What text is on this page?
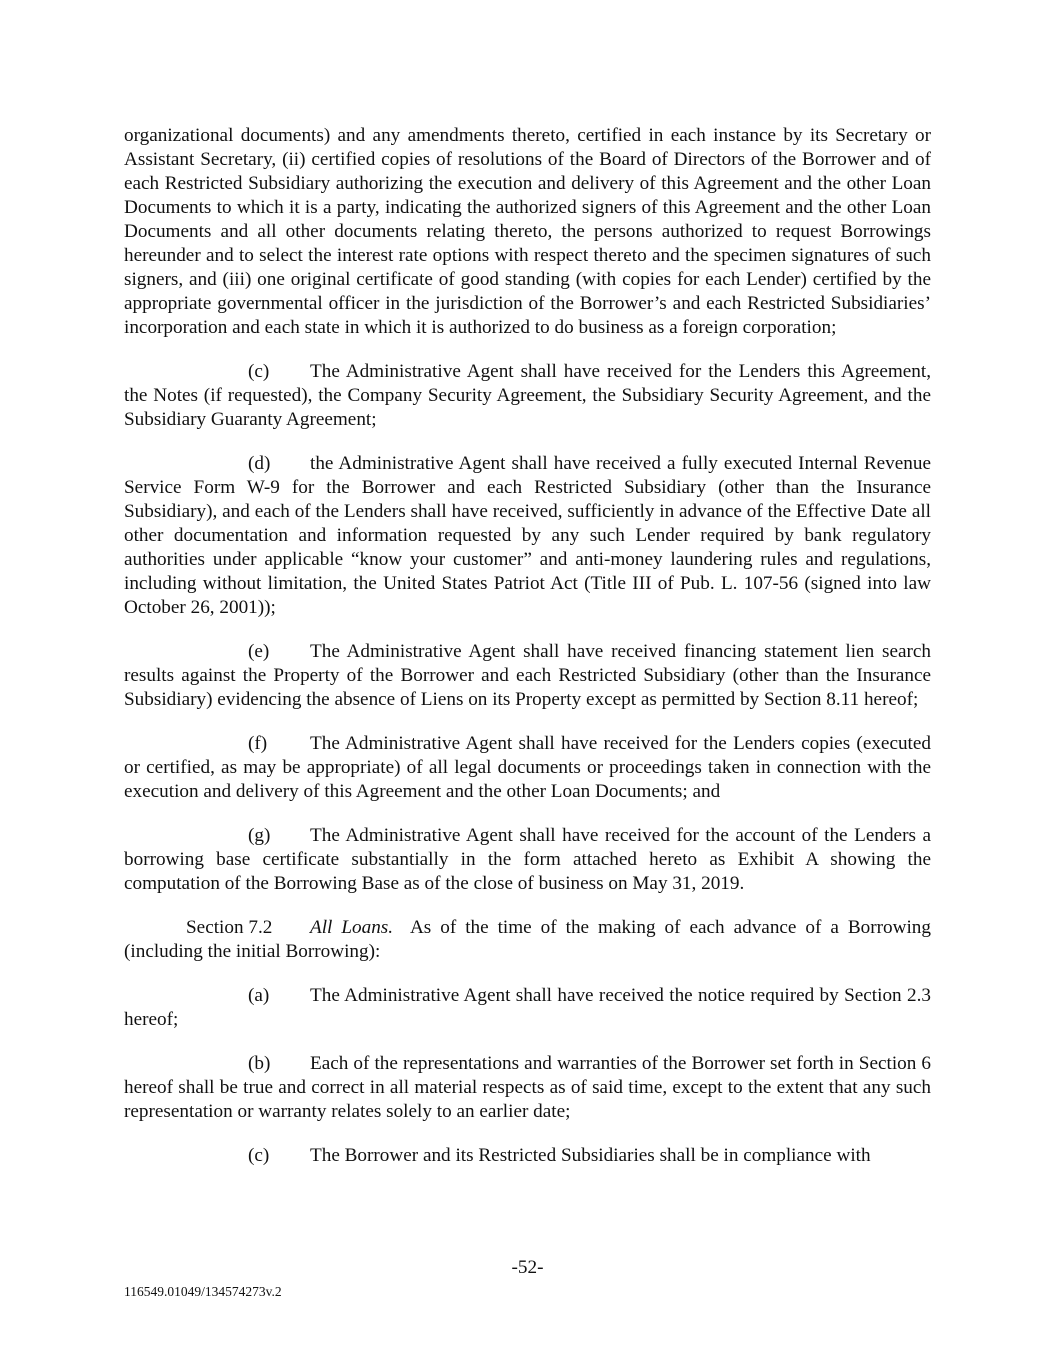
organizational documents) and any amendments thereto, certified in each instance by its Secretary or Assistant Secretary, (ii) certified copies of resolutions of the Board of Directors of the Borrower and of each Restricted Subsidiary authorizing the execution and delivery of this Agreement and the other Loan Documents to which it is a party, indicating the authorized signers of this Agreement and the other Loan Documents and all other documents relating thereto, the persons authorized to request Borrowings hereunder and to select the interest rate options with respect thereto and the specimen signatures of such signers, and (iii) one original certificate of good standing (with copies for each Lender) certified by the appropriate governmental officer in the jurisdiction of the Borrower’s and each Restricted Subsidiaries’ incorporation and each state in which it is authorized to do business as a foreign corporation;

(c) The Administrative Agent shall have received for the Lenders this Agreement, the Notes (if requested), the Company Security Agreement, the Subsidiary Security Agreement, and the Subsidiary Guaranty Agreement;

(d) the Administrative Agent shall have received a fully executed Internal Revenue Service Form W-9 for the Borrower and each Restricted Subsidiary (other than the Insurance Subsidiary), and each of the Lenders shall have received, sufficiently in advance of the Effective Date all other documentation and information requested by any such Lender required by bank regulatory authorities under applicable “know your customer” and anti-money laundering rules and regulations, including without limitation, the United States Patriot Act (Title III of Pub. L. 107-56 (signed into law October 26, 2001));

(e) The Administrative Agent shall have received financing statement lien search results against the Property of the Borrower and each Restricted Subsidiary (other than the Insurance Subsidiary) evidencing the absence of Liens on its Property except as permitted by Section 8.11 hereof;

(f) The Administrative Agent shall have received for the Lenders copies (executed or certified, as may be appropriate) of all legal documents or proceedings taken in connection with the execution and delivery of this Agreement and the other Loan Documents; and

(g) The Administrative Agent shall have received for the account of the Lenders a borrowing base certificate substantially in the form attached hereto as Exhibit A showing the computation of the Borrowing Base as of the close of business on May 31, 2019.

Section 7.2 All Loans. As of the time of the making of each advance of a Borrowing (including the initial Borrowing):

(a) The Administrative Agent shall have received the notice required by Section 2.3 hereof;

(b) Each of the representations and warranties of the Borrower set forth in Section 6 hereof shall be true and correct in all material respects as of said time, except to the extent that any such representation or warranty relates solely to an earlier date;

(c) The Borrower and its Restricted Subsidiaries shall be in compliance with

-52-
116549.01049/134574273v.2
